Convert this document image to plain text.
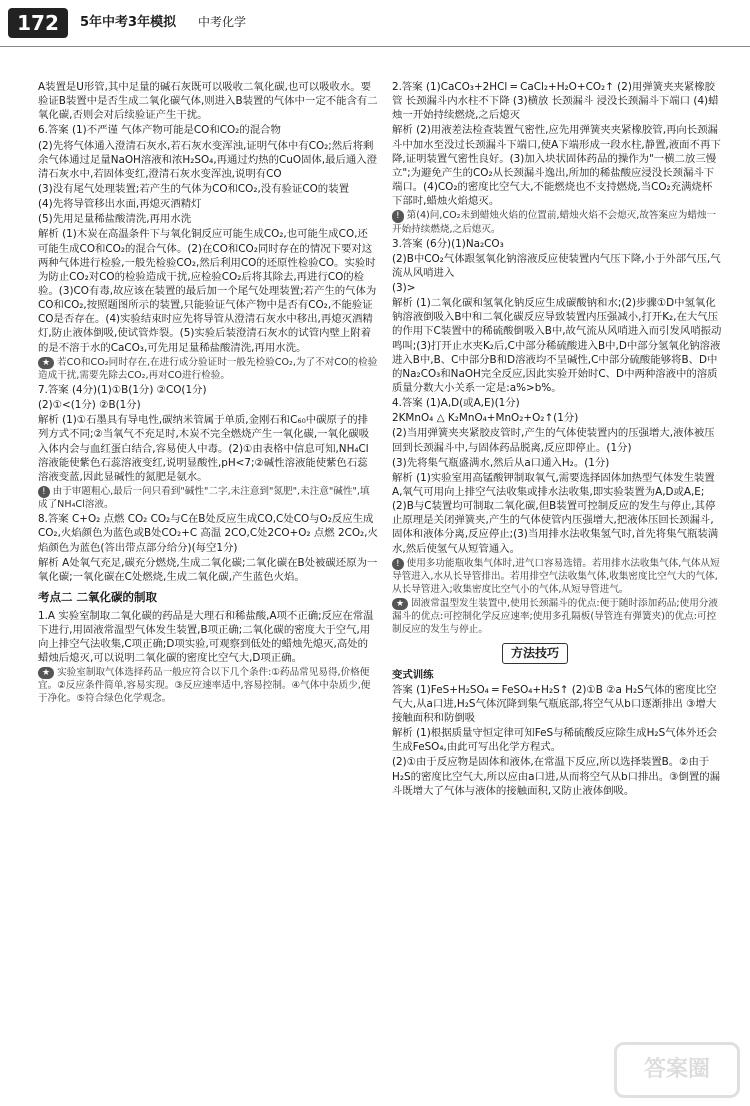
172	5年中考3年模拟 中考化学

A装置是U形管,其中足量的碱石灰既可以吸收二氧化碳,也可以吸收水。要验证B装置中是否生成二氧化碳气体,则进入B装置的气体中一定不能含有二氧化碳,否则会对后续验证产生干扰。

6.答案 (1)不严谨 气体产物可能是CO和CO₂的混合物

(2)先将气体通入澄清石灰水,若石灰水变浑浊,证明气体中有CO₂;然后将剩余气体通过足量NaOH溶液和浓H₂SO₄,再通过灼热的CuO固体,最后通入澄清石灰水中,若固体变红,澄清石灰水变浑浊,说明有CO

(3)没有尾气处理装置;若产生的气体为CO和CO₂,没有验证CO的装置

(4)先将导管移出水面,再熄灭酒精灯

(5)先用足量稀盐酸清洗,再用水洗

解析 (1)木炭在高温条件下与氧化铜反应可能生成CO₂,也可能生成CO,还可能生成CO和CO₂的混合气体。(2)在CO和CO₂同时存在的情况下要对这两种气体进行检验,一般先检验CO₂,然后利用CO的还原性检验CO。实验时为防止CO₂对CO的检验造成干扰,应检验CO₂后将其除去,再进行CO的检验。(3)CO有毒,故应该在装置的最后加一个尾气处理装置;若产生的气体为CO和CO₂,按照题图所示的装置,只能验证气体产物中是否有CO₂,不能验证CO是否存在。(4)实验结束时应先将导管从澄清石灰水中移出,再熄灭酒精灯,防止液体倒吸,使试管炸裂。(5)实验后装澄清石灰水的试管内壁上附着的是不溶于水的CaCO₃,可先用足量稀盐酸清洗,再用水洗。

★ 若CO和CO₂同时存在,在进行成分验证时一般先检验CO₂,为了不对CO的检验造成干扰,需要先除去CO₂,再对CO进行检验。

7.答案 (4分)(1)①B(1分) ②CO(1分)

(2)①<(1分) ②B(1分)

解析 (1)①石墨具有导电性,碳纳米管属于单质,金刚石和C₆₀中碳原子的排列方式不同;②当氧气不充足时,木炭不完全燃烧产生一氧化碳,一氧化碳吸入体内会与血红蛋白结合,容易使人中毒。(2)①由表格中信息可知,NH₄Cl溶液能使紫色石蕊溶液变红,说明显酸性,pH<7;②碱性溶液能使紫色石蕊溶液变蓝,因此显碱性的氮肥是氨水。

! 由于审题粗心,最后一问只看到"碱性"二字,未注意到"氮肥",未注意"碱性",填成了NH₄Cl溶液。

8.答案 C+O₂ 点燃 CO₂ CO₂与C在B处反应生成CO,C处CO与O₂反应生成CO₂,火焰颜色为蓝色或B处CO₂+C 高温 2CO,C处2CO+O₂ 点燃 2CO₂,火焰颜色为蓝色(答出带点部分给分)(每空1分)

解析 A处氧气充足,碳充分燃烧,生成二氧化碳;二氧化碳在B处被碳还原为一氧化碳;一氧化碳在C处燃烧,生成二氧化碳,产生蓝色火焰。

考点二 二氧化碳的制取

1.A 实验室制取二氧化碳的药品是大理石和稀盐酸,A项不正确;反应在常温下进行,用固液常温型气体发生装置,B项正确;二氧化碳的密度大于空气,用向上排空气法收集,C项正确;D项实验,可观察到低处的蜡烛先熄灭,高处的蜡烛后熄灭,可以说明二氧化碳的密度比空气大,D项正确。

★ 实验室制取气体选择药品一般应符合以下几个条件:①药品常见易得,价格便宜。②反应条件简单,容易实现。③反应速率适中,容易控制。④气体中杂质少,便于净化。⑤符合绿色化学观念。

2.答案 (1)CaCO₃+2HCl ═ CaCl₂+H₂O+CO₂↑ (2)用弹簧夹夹紧橡胶管 长颈漏斗内水柱不下降 (3)横放 长颈漏斗 浸没长颈漏斗下端口 (4)蜡烛一开始持续燃烧,之后熄灭

解析 (2)用液差法检查装置气密性,应先用弹簧夹夹紧橡胶管,再向长颈漏斗中加水至没过长颈漏斗下端口,使A下端形成一段水柱,静置,液面不再下降,证明装置气密性良好。(3)加入块状固体药品的操作为"一横二放三慢立";为避免产生的CO₂从长颈漏斗逸出,所加的稀盐酸应浸没长颈漏斗下端口。(4)CO₂的密度比空气大,不能燃烧也不支持燃烧,当CO₂充满烧杯下部时,蜡烛火焰熄灭。

! 第(4)问,CO₂未到蜡烛火焰的位置前,蜡烛火焰不会熄灭,故答案应为蜡烛一开始持续燃烧,之后熄灭。

3.答案 (6分)(1)Na₂CO₃

(2)B中CO₂气体跟氢氧化钠溶液反应使装置内气压下降,小于外部气压,气流从风哨进入

(3)>

解析 (1)二氧化碳和氢氧化钠反应生成碳酸钠和水;(2)步骤①D中氢氧化钠溶液倒吸入B中和二氧化碳反应导致装置内压强减小,打开K₂,在大气压的作用下C装置中的稀硫酸倒吸入B中,故气流从风哨进入而引发风哨振动鸣叫;(3)打开止水夹K₂后,C中部分稀硫酸进入B中,D中部分氢氧化钠溶液进入B中,B、C中部分B和D溶液均不呈碱性,C中部分硫酸能够将B、D中的Na₂CO₃和NaOH完全反应,因此实验开始时C、D中两种溶液中的溶质质量分数大小关系一定是:a%>b%。

4.答案 (1)A,D(或A,E)(1分)

2KMnO₄ △ K₂MnO₄+MnO₂+O₂↑(1分)

(2)当用弹簧夹夹紧胶皮管时,产生的气体使装置内的压强增大,液体被压回到长颈漏斗中,与固体药品脱离,反应即停止。(1分)

(3)先将集气瓶盛满水,然后从a口通入H₂。(1分)

解析 (1)实验室用高锰酸钾制取氧气,需要选择固体加热型气体发生装置A,氧气可用向上排空气法收集或排水法收集,即实验装置为A,D或A,E;(2)B与C装置均可制取二氧化碳,但B装置可控制反应的发生与停止,其停止原理是关闭弹簧夹,产生的气体使管内压强增大,把液体压回长颈漏斗,固体和液体分离,反应停止;(3)当用排水法收集氢气时,首先将集气瓶装满水,然后使氢气从短管通入。

! 使用多功能瓶收集气体时,进气口容易选错。若用排水法收集气体,气体从短导管进入,水从长导管排出。若用排空气法收集气体,收集密度比空气大的气体,从长导管进入;收集密度比空气小的气体,从短导管进气。

★ 固液常温型发生装置中,使用长颈漏斗的优点:便于随时添加药品;使用分液漏斗的优点:可控制化学反应速率;使用多孔隔板(导管连有弹簧夹)的优点:可控制反应的发生与停止。

方法技巧

变式训练

答案 (1)FeS+H₂SO₄ ═ FeSO₄+H₂S↑ (2)①B ②a H₂S气体的密度比空气大,从a口进,H₂S气体沉降到集气瓶底部,将空气从b口逐渐排出 ③增大接触面积和防倒吸

解析 (1)根据质量守恒定律可知FeS与稀硫酸反应除生成H₂S气体外还会生成FeSO₄,由此可写出化学方程式。

(2)①由于反应物是固体和液体,在常温下反应,所以选择装置B。②由于H₂S的密度比空气大,所以应由a口进,从而将空气从b口排出。③倒置的漏斗既增大了气体与液体的接触面积,又防止液体倒吸。

答案圈
